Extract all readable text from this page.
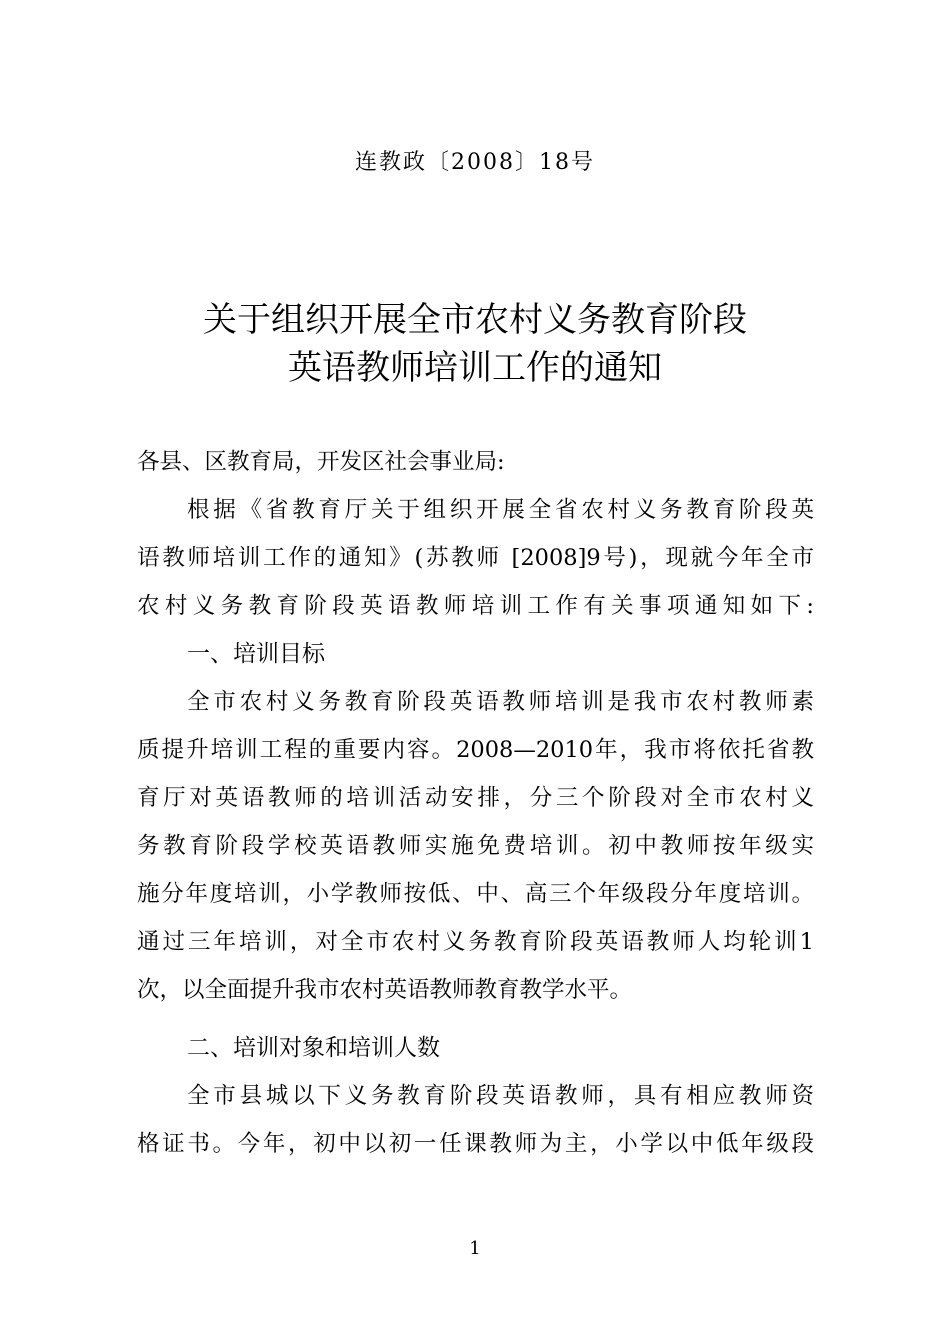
连教政〔2008〕18号
关于组织开展全市农村义务教育阶段
英语教师培训工作的通知
各县、区教育局，开发区社会事业局:
根据《省教育厅关于组织开展全省农村义务教育阶段英
语教师培训工作的通知》(苏教师 [2008]9号)，现就今年全市
农村义务教育阶段英语教师培训工作有关事项通知如下:
一、培训目标
全市农村义务教育阶段英语教师培训是我市农村教师素
质提升培训工程的重要内容。2008—2010年，我市将依托省教
育厅对英语教师的培训活动安排，分三个阶段对全市农村义
务教育阶段学校英语教师实施免费培训。初中教师按年级实
施分年度培训，小学教师按低、中、高三个年级段分年度培训。
通过三年培训，对全市农村义务教育阶段英语教师人均轮训1
次，以全面提升我市农村英语教师教育教学水平。
二、培训对象和培训人数
全市县城以下义务教育阶段英语教师，具有相应教师资
格证书。今年，初中以初一任课教师为主，小学以中低年级段
1
